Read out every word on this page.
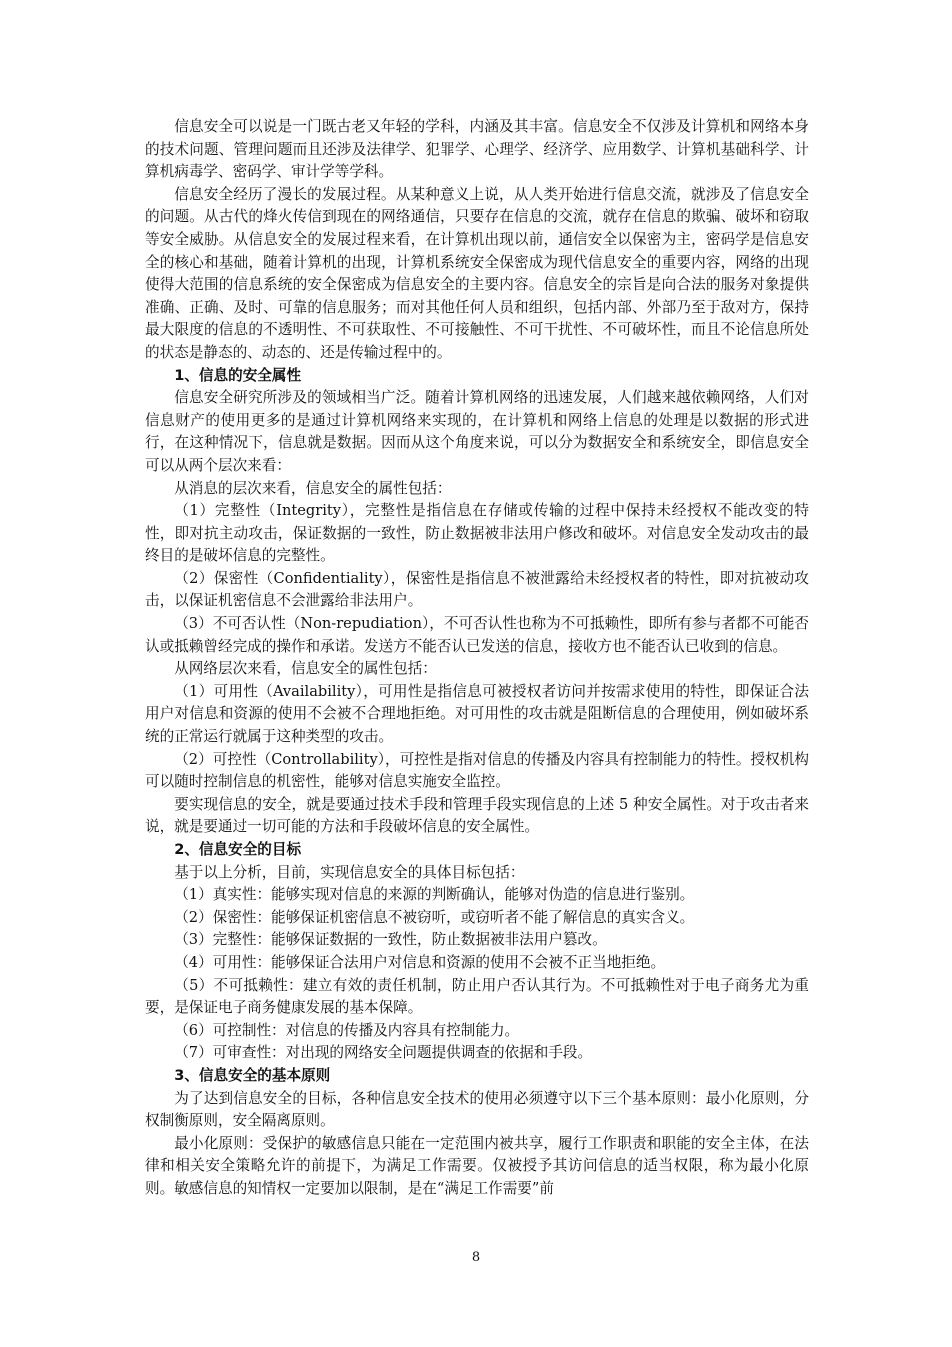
信息安全可以说是一门既古老又年轻的学科，内涵及其丰富。信息安全不仅涉及计算机和网络本身的技术问题、管理问题而且还涉及法律学、犯罪学、心理学、经济学、应用数学、计算机基础科学、计算机病毒学、密码学、审计学等学科。

信息安全经历了漫长的发展过程。从某种意义上说，从人类开始进行信息交流，就涉及了信息安全的问题。从古代的烽火传信到现在的网络通信，只要存在信息的交流，就存在信息的欺骗、破坏和窃取等安全威胁。从信息安全的发展过程来看，在计算机出现以前，通信安全以保密为主，密码学是信息安全的核心和基础，随着计算机的出现，计算机系统安全保密成为现代信息安全的重要内容，网络的出现使得大范围的信息系统的安全保密成为信息安全的主要内容。信息安全的宗旨是向合法的服务对象提供准确、正确、及时、可靠的信息服务；而对其他任何人员和组织，包括内部、外部乃至于敌对方，保持最大限度的信息的不透明性、不可获取性、不可接触性、不可干扰性、不可破坏性，而且不论信息所处的状态是静态的、动态的、还是传输过程中的。

1、信息的安全属性

信息安全研究所涉及的领域相当广泛。随着计算机网络的迅速发展，人们越来越依赖网络，人们对信息财产的使用更多的是通过计算机网络来实现的，在计算机和网络上信息的处理是以数据的形式进行，在这种情况下，信息就是数据。因而从这个角度来说，可以分为数据安全和系统安全，即信息安全可以从两个层次来看：

从消息的层次来看，信息安全的属性包括：

（1）完整性（Integrity），完整性是指信息在存储或传输的过程中保持未经授权不能改变的特性，即对抗主动攻击，保证数据的一致性，防止数据被非法用户修改和破坏。对信息安全发动攻击的最终目的是破坏信息的完整性。

（2）保密性（Confidentiality），保密性是指信息不被泄露给未经授权者的特性，即对抗被动攻击，以保证机密信息不会泄露给非法用户。

（3）不可否认性（Non-repudiation），不可否认性也称为不可抵赖性，即所有参与者都不可能否认或抵赖曾经完成的操作和承诺。发送方不能否认已发送的信息，接收方也不能否认已收到的信息。

从网络层次来看，信息安全的属性包括：

（1）可用性（Availability），可用性是指信息可被授权者访问并按需求使用的特性，即保证合法用户对信息和资源的使用不会被不合理地拒绝。对可用性的攻击就是阻断信息的合理使用，例如破坏系统的正常运行就属于这种类型的攻击。

（2）可控性（Controllability），可控性是指对信息的传播及内容具有控制能力的特性。授权机构可以随时控制信息的机密性，能够对信息实施安全监控。

要实现信息的安全，就是要通过技术手段和管理手段实现信息的上述 5 种安全属性。对于攻击者来说，就是要通过一切可能的方法和手段破坏信息的安全属性。

2、信息安全的目标

基于以上分析，目前，实现信息安全的具体目标包括：

（1）真实性：能够实现对信息的来源的判断确认，能够对伪造的信息进行鉴别。

（2）保密性：能够保证机密信息不被窃听，或窃听者不能了解信息的真实含义。

（3）完整性：能够保证数据的一致性，防止数据被非法用户篡改。

（4）可用性：能够保证合法用户对信息和资源的使用不会被不正当地拒绝。

（5）不可抵赖性：建立有效的责任机制，防止用户否认其行为。不可抵赖性对于电子商务尤为重要，是保证电子商务健康发展的基本保障。

（6）可控制性：对信息的传播及内容具有控制能力。

（7）可审查性：对出现的网络安全问题提供调查的依据和手段。

3、信息安全的基本原则

为了达到信息安全的目标，各种信息安全技术的使用必须遵守以下三个基本原则：最小化原则，分权制衡原则，安全隔离原则。

最小化原则：受保护的敏感信息只能在一定范围内被共享，履行工作职责和职能的安全主体，在法律和相关安全策略允许的前提下，为满足工作需要。仅被授予其访问信息的适当权限，称为最小化原则。敏感信息的知情权一定要加以限制，是在“满足工作需要”前

8
